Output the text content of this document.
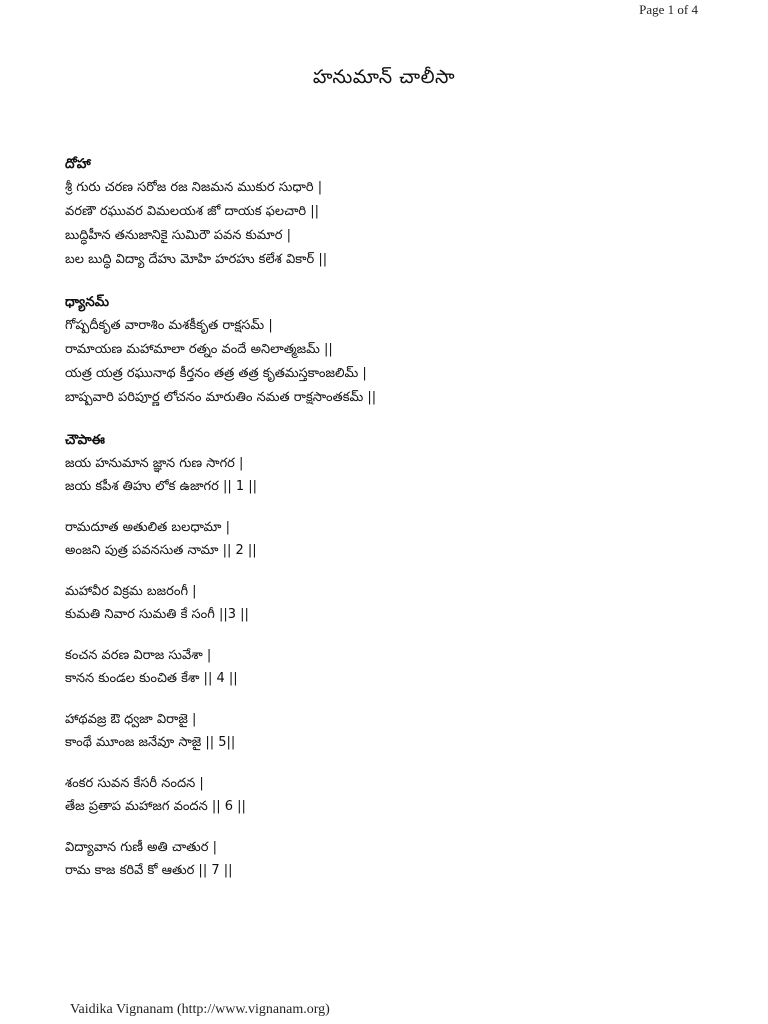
Page 1 of 4
హనుమాన్ చాలీసా
దోహా
శ్రీ గురు చరణ సరోజ రజ నిజమన ముకుర సుధారి |
వరణౌ రఘువర విమలయశ జో దాయక ఫలచారి ||
బుద్ధిహీన తనుజానికై సుమిరౌ పవన కుమార |
బల బుద్ధి విద్యా దేహు మోహి హరహు కలేశ వికార్ ||
ధ్యానమ్
గోష్పదీకృత వారాశిం మశకీకృత రాక్షసమ్ |
రామాయణ మహామాలా రత్నం వందే అనిలాత్మజమ్ ||
యత్ర యత్ర రఘునాథ కీర్తనం తత్ర తత్ర కృతమస్తకాంజలిమ్ |
బాష్పవారి పరిపూర్ణ లోచనం మారుతిం నమత రాక్షసాంతకమ్ ||
చౌపాఈ
జయ హనుమాన జ్ఞాన గుణ సాగర |
జయ కపీశ తిహు లోక ఉజాగర || 1 ||
రామదూత అతులిత బలధామా |
అంజని పుత్ర పవనసుత నామా || 2 ||
మహావీర విక్రమ బజరంగీ |
కుమతి నివార సుమతి కే సంగీ ||3 ||
కంచన వరణ విరాజ సువేశా |
కానన కుండల కుంచిత కేశా || 4 ||
హాథవజ్ర ఔ ధ్వజా విరాజై |
కాంథే మూంజ జనేవూ సాజై || 5||
శంకర సువన కేసరీ నందన |
తేజ ప్రతాప మహాజగ వందన || 6 ||
విద్యావాన గుణీ అతి చాతుర |
రామ కాజ కరివే కో ఆతుర || 7 ||
Vaidika Vignanam (http://www.vignanam.org)
